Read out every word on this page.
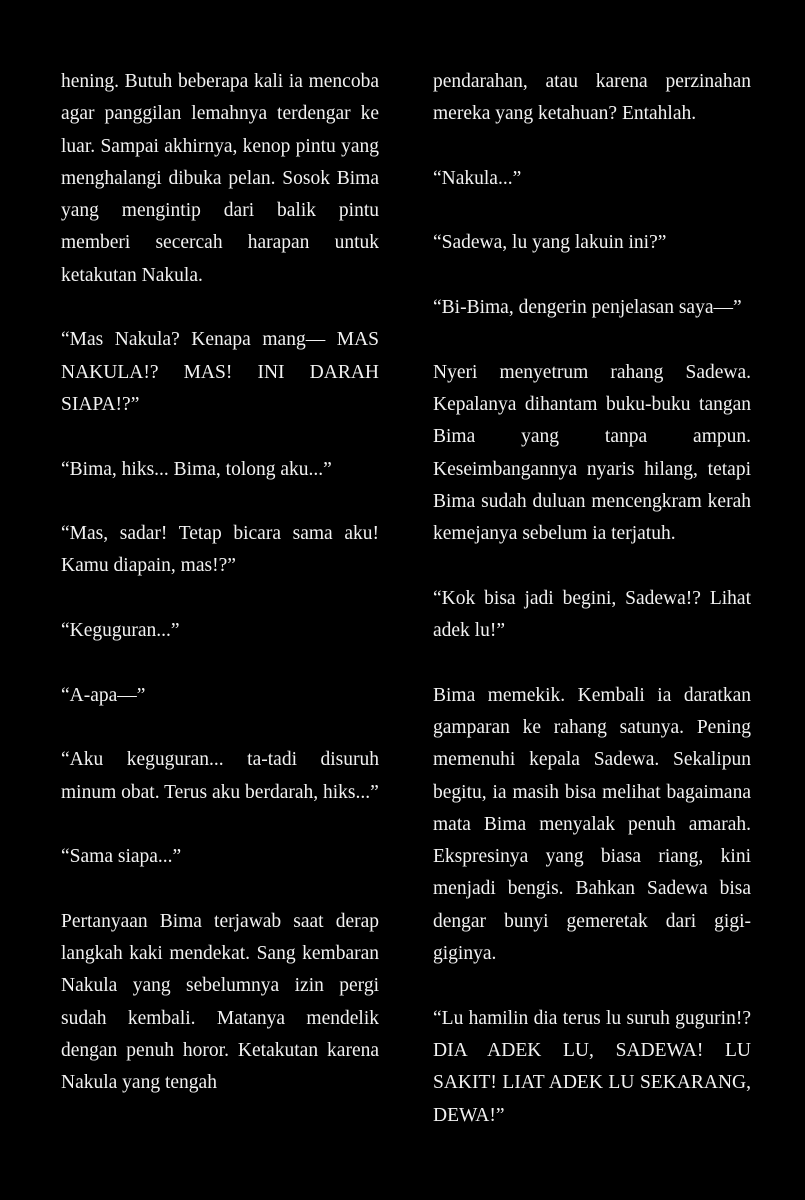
hening. Butuh beberapa kali ia mencoba agar panggilan lemahnya terdengar ke luar. Sampai akhirnya, kenop pintu yang menghalangi dibuka pelan. Sosok Bima yang mengintip dari balik pintu memberi secercah harapan untuk ketakutan Nakula.

“Mas Nakula? Kenapa mang— MAS NAKULA!? MAS! INI DARAH SIAPA!?”

“Bima, hiks... Bima, tolong aku...”

“Mas, sadar! Tetap bicara sama aku! Kamu diapain, mas!?”

“Keguguran...”

“A-apa—”

“Aku keguguran... ta-tadi disuruh minum obat. Terus aku berdarah, hiks...”

“Sama siapa...”

Pertanyaan Bima terjawab saat derap langkah kaki mendekat. Sang kembaran Nakula yang sebelumnya izin pergi sudah kembali. Matanya mendelik dengan penuh horor. Ketakutan karena Nakula yang tengah

pendarahan, atau karena perzinahan mereka yang ketahuan? Entahlah.

“Nakula...”

“Sadewa, lu yang lakuin ini?”

“Bi-Bima, dengerin penjelasan saya—”

Nyeri menyetrum rahang Sadewa. Kepalanya dihantam buku-buku tangan Bima yang tanpa ampun. Keseimbangannya nyaris hilang, tetapi Bima sudah duluan mencengkram kerah kemejanya sebelum ia terjatuh.

“Kok bisa jadi begini, Sadewa!? Lihat adek lu!”

Bima memekik. Kembali ia daratkan gamparan ke rahang satunya. Pening memenuhi kepala Sadewa. Sekalipun begitu, ia masih bisa melihat bagaimana mata Bima menyalak penuh amarah. Ekspresinya yang biasa riang, kini menjadi bengis. Bahkan Sadewa bisa dengar bunyi gemeretak dari gigi-giginya.

“Lu hamilin dia terus lu suruh gugurin!? DIA ADEK LU, SADEWA! LU SAKIT! LIAT ADEK LU SEKARANG, DEWA!”
